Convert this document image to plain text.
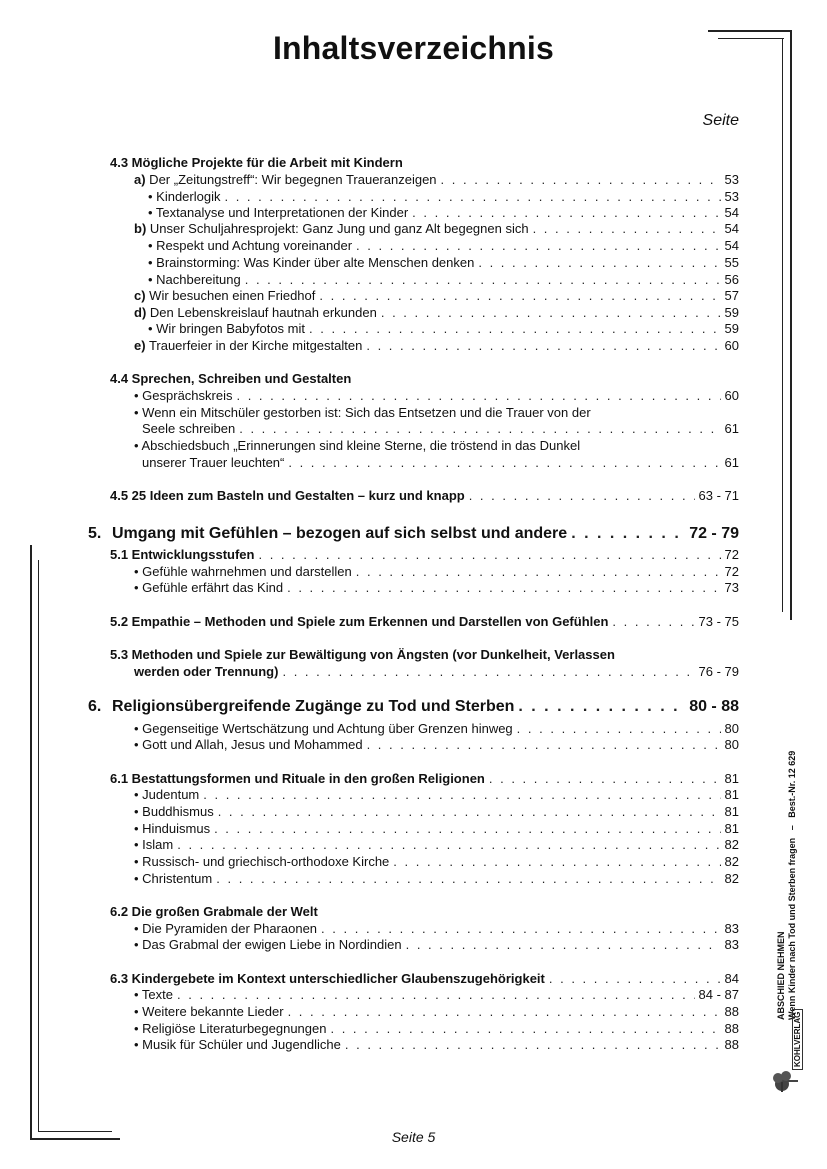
Inhaltsverzeichnis
Seite
4.3 Mögliche Projekte für die Arbeit mit Kindern
a) Der „Zeitungstreff“: Wir begegnen Traueranzeigen . . .	53
• Kinderlogik . . .	53
• Textanalyse und Interpretationen der Kinder . . .	54
b) Unser Schuljahresprojekt: Ganz Jung und ganz Alt begegnen sich . . .	54
• Respekt und Achtung voreinander . . .	54
• Brainstorming: Was Kinder über alte Menschen denken . . .	55
• Nachbereitung . . .	56
c) Wir besuchen einen Friedhof . . .	57
d) Den Lebenskreislauf hautnah erkunden . . .	59
• Wir bringen Babyfotos mit . . .	59
e) Trauerfeier in der Kirche mitgestalten . . .	60
4.4 Sprechen, Schreiben und Gestalten
• Gesprächskreis . . .	60
• Wenn ein Mitschüler gestorben ist: Sich das Entsetzen und die Trauer von der
Seele schreiben . . .	61
• Abschiedsbuch „Erinnerungen sind kleine Sterne, die tröstend in das Dunkel
unserer Trauer leuchten“ . . .	61
4.5 25 Ideen zum Basteln und Gestalten – kurz und knapp . . .	63 - 71
5. Umgang mit Gefühlen – bezogen auf sich selbst und andere . . .	72 - 79
5.1 Entwicklungsstufen . . .	72
• Gefühle wahrnehmen und darstellen . . .	72
• Gefühle erfährt das Kind . . .	73
5.2 Empathie – Methoden und Spiele zum Erkennen und Darstellen von Gefühlen . . .	73 - 75
5.3 Methoden und Spiele zur Bewältigung von Ängsten (vor Dunkelheit, Verlassen
werden oder Trennung) . . .	76 - 79
6. Religionsübergreifende Zugänge zu Tod und Sterben . . .	80 - 88
• Gegenseitige Wertschätzung und Achtung über Grenzen hinweg . . .	80
• Gott und Allah, Jesus und Mohammed . . .	80
6.1 Bestattungsformen und Rituale in den großen Religionen . . .	81
• Judentum . . .	81
• Buddhismus . . .	81
• Hinduismus . . .	81
• Islam . . .	82
• Russisch- und griechisch-orthodoxe Kirche . . .	82
• Christentum . . .	82
6.2 Die großen Grabmale der Welt
• Die Pyramiden der Pharaonen . . .	83
• Das Grabmal der ewigen Liebe in Nordindien . . .	83
6.3 Kindergebete im Kontext unterschiedlicher Glaubenszugehörigkeit . . .	84
• Texte . . .	84 - 87
• Weitere bekannte Lieder . . .	88
• Religiöse Literaturbegegnungen . . .	88
• Musik für Schüler und Jugendliche . . .	88
ABSCHIED NEHMEN Wenn Kinder nach Tod und Sterben fragen   –   Best.-Nr. 12 629
KOHLVERLAG
Seite 5
